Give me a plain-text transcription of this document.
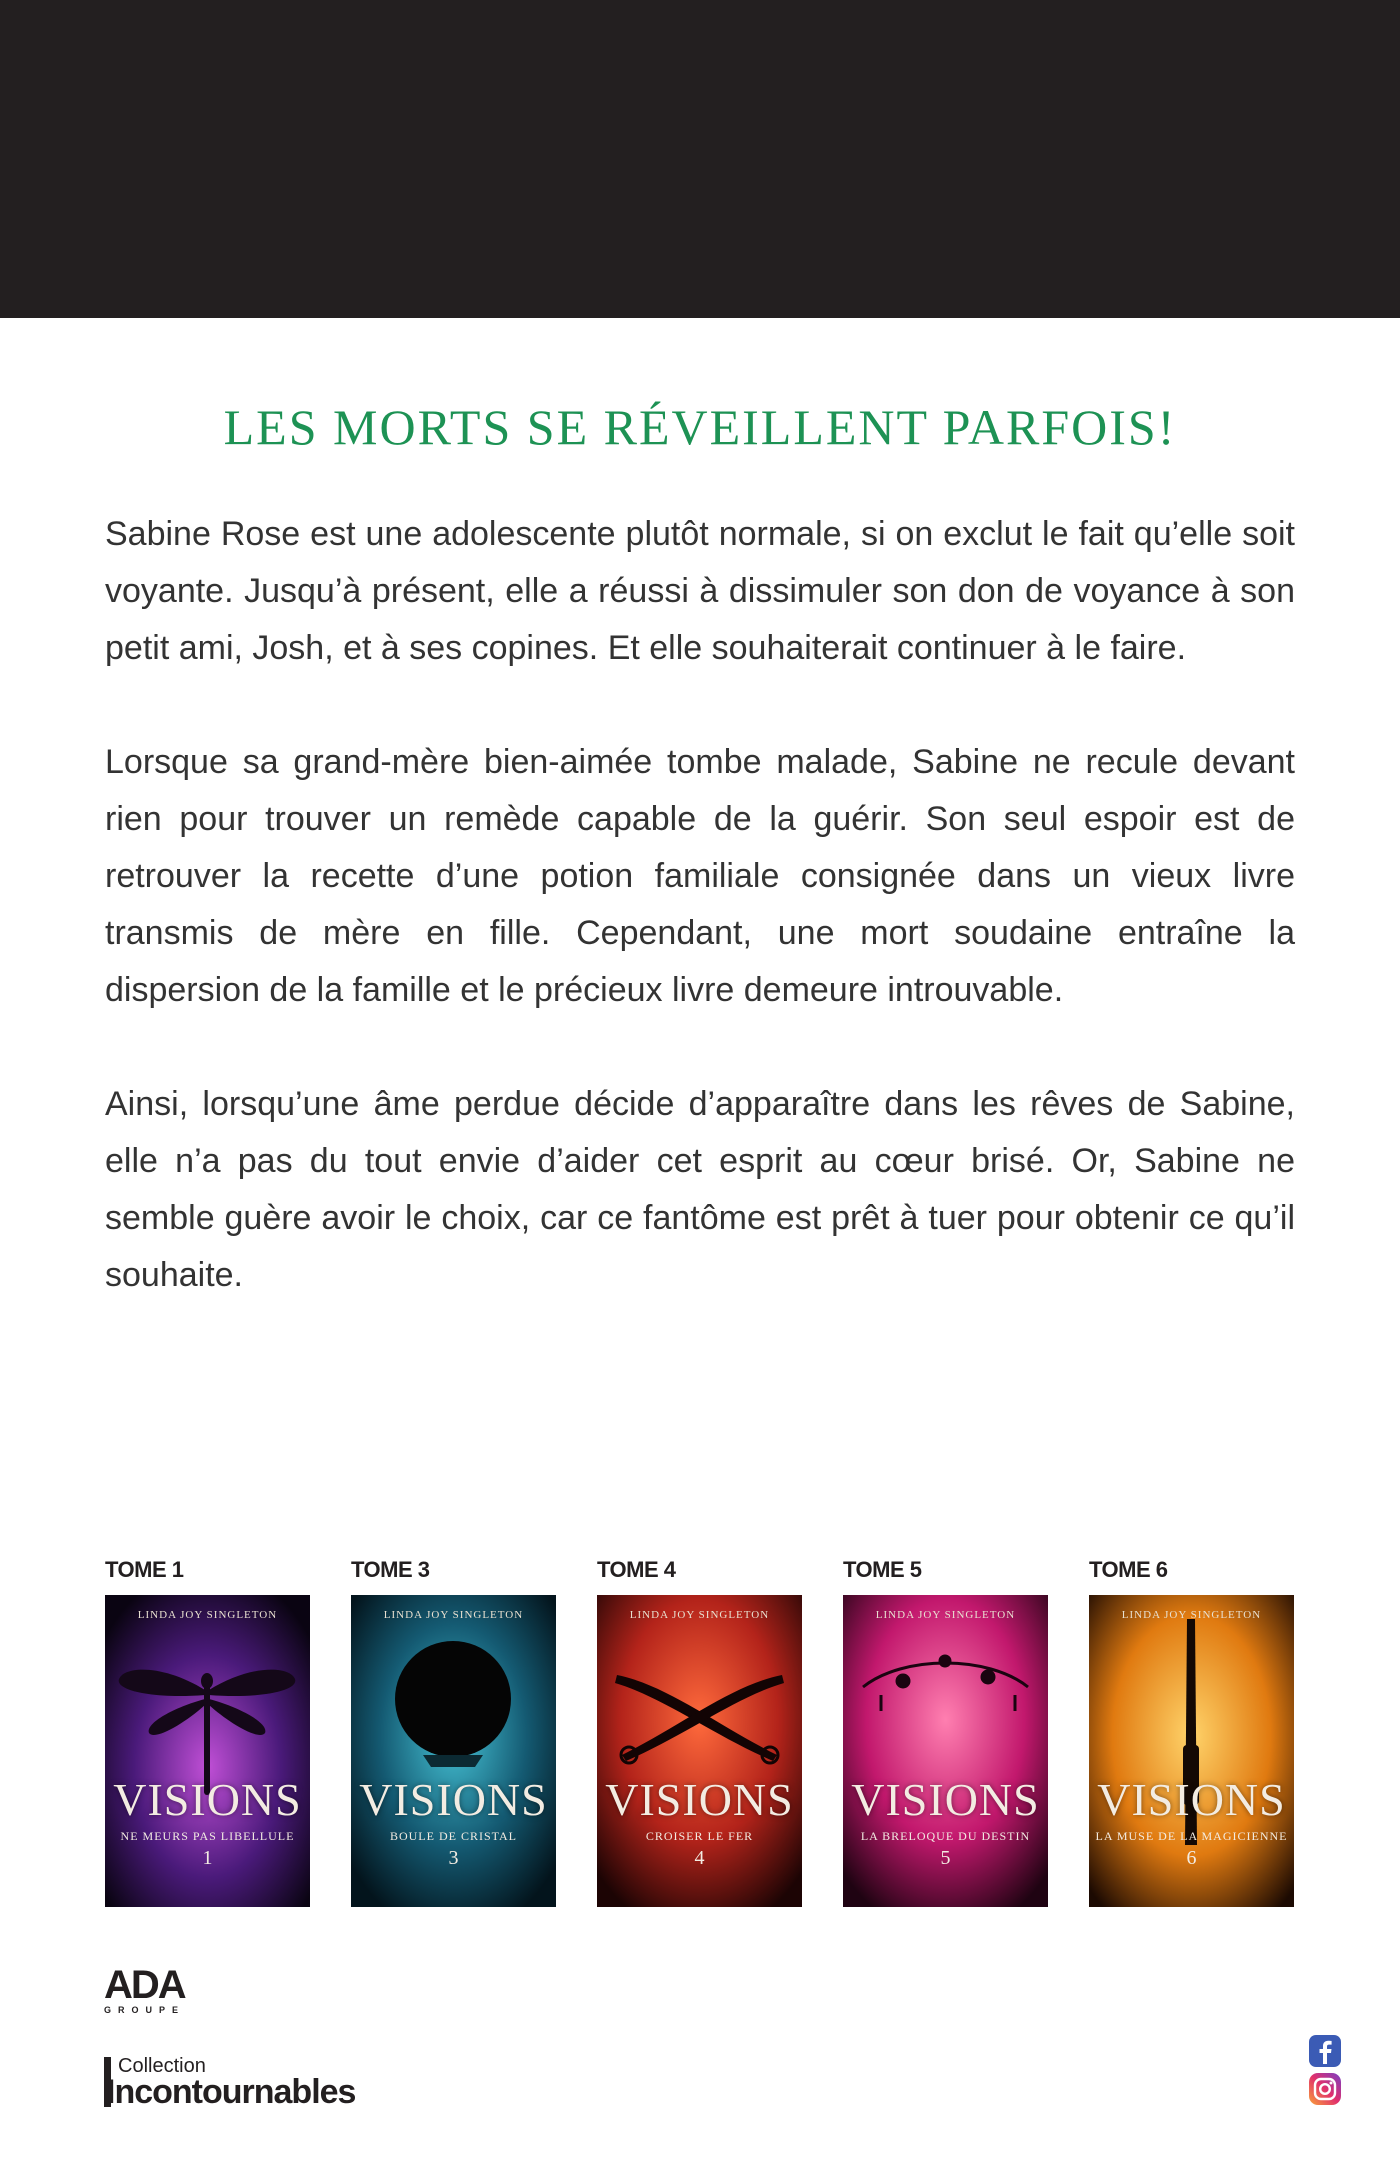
LES MORTS SE RÉVEILLENT PARFOIS!

Sabine Rose est une adolescente plutôt normale, si on exclut le fait qu’elle soit voyante. Jusqu’à présent, elle a réussi à dissimuler son don de voyance à son petit ami, Josh, et à ses copines. Et elle souhaiterait continuer à le faire.

Lorsque sa grand-mère bien-aimée tombe malade, Sabine ne recule devant rien pour trouver un remède capable de la guérir. Son seul espoir est de retrouver la recette d’une potion familiale consignée dans un vieux livre transmis de mère en fille. Cependant, une mort soudaine entraîne la dispersion de la famille et le précieux livre demeure introuvable.

Ainsi, lorsqu’une âme perdue décide d’apparaître dans les rêves de Sabine, elle n’a pas du tout envie d’aider cet esprit au cœur brisé. Or, Sabine ne semble guère avoir le choix, car ce fantôme est prêt à tuer pour obtenir ce qu’il souhaite.

TOME 1
LINDA JOY SINGLETON
VISIONS
NE MEURS PAS LIBELLULE
1
TOME 3
LINDA JOY SINGLETON
VISIONS
BOULE DE CRISTAL
3
TOME 4
LINDA JOY SINGLETON
VISIONS
CROISER LE FER
4
TOME 5
LINDA JOY SINGLETON
VISIONS
LA BRELOQUE DU DESTIN
5
TOME 6
LINDA JOY SINGLETON
VISIONS
LA MUSE DE LA MAGICIENNE
6
ADA
GROUPE
Collection
Incontournables
